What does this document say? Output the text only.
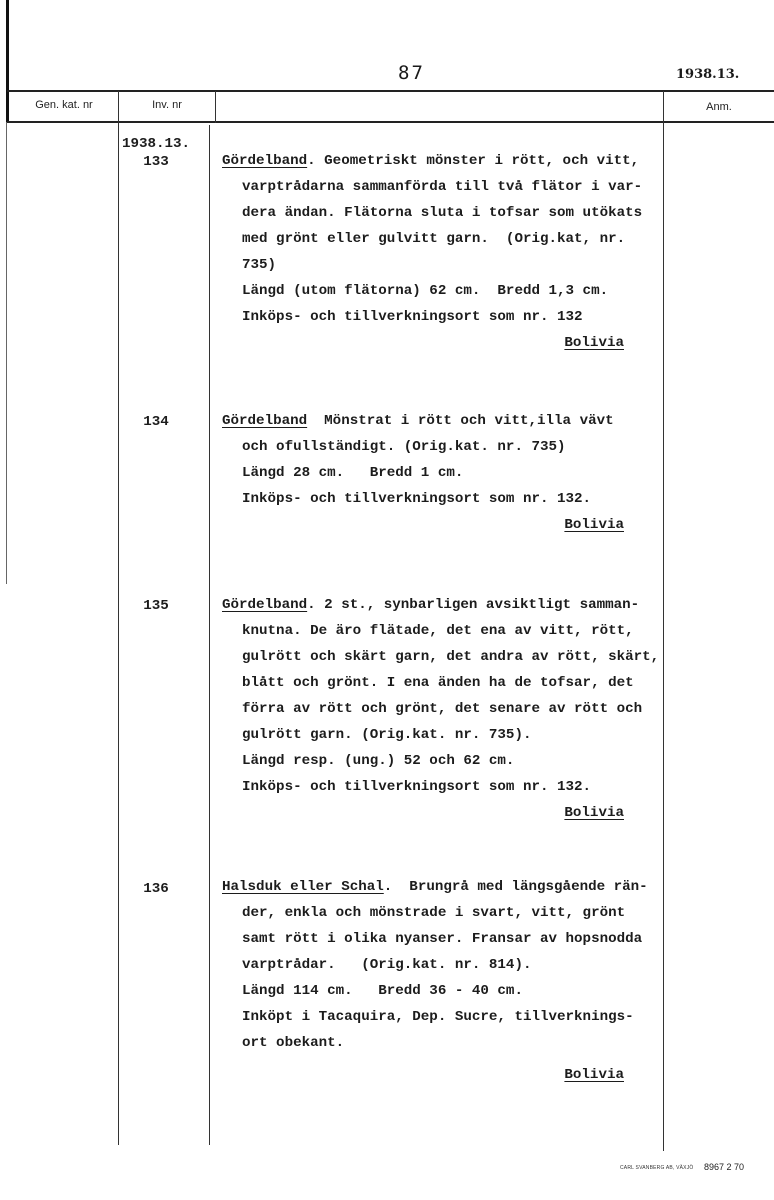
87	1938.13.
Gen. kat. nr	Inv. nr	Anm.
1938.13.
133	Gördelband. Geometriskt mönster i rött, och vitt,
varptrådarna sammanförda till två flätor i var-
dera ändan. Flätorna sluta i tofsar som utökats
med grönt eller gulvitt garn.  (Orig.kat, nr.
735)
Längd (utom flätorna) 62 cm.  Bredd 1,3 cm.
Inköps- och tillverkningsort som nr. 132
Bolivia
134	Gördelband  Mönstrat i rött och vitt,illa vävt
och ofullständigt. (Orig.kat. nr. 735)
Längd 28 cm.   Bredd 1 cm.
Inköps- och tillverkningsort som nr. 132.
Bolivia
135	Gördelband. 2 st., synbarligen avsiktligt samman-
knutna. De äro flätade, det ena av vitt, rött,
gulrött och skärt garn, det andra av rött, skärt,
blått och grönt. I ena änden ha de tofsar, det
förra av rött och grönt, det senare av rött och
gulrött garn. (Orig.kat. nr. 735).
Längd resp. (ung.) 52 och 62 cm.
Inköps- och tillverkningsort som nr. 132.
Bolivia
136	Halsduk eller Schal.  Brungrå med längsgående rän-
der, enkla och mönstrade i svart, vitt, grönt
samt rött i olika nyanser. Fransar av hopsnodda
varptrådar.   (Orig.kat. nr. 814).
Längd 114 cm.   Bredd 36 - 40 cm.
Inköpt i Tacaquira, Dep. Sucre, tillverknings-
ort obekant.
Bolivia
CARL SVANBERG AB, VÄXJÖ 8967 2 70
